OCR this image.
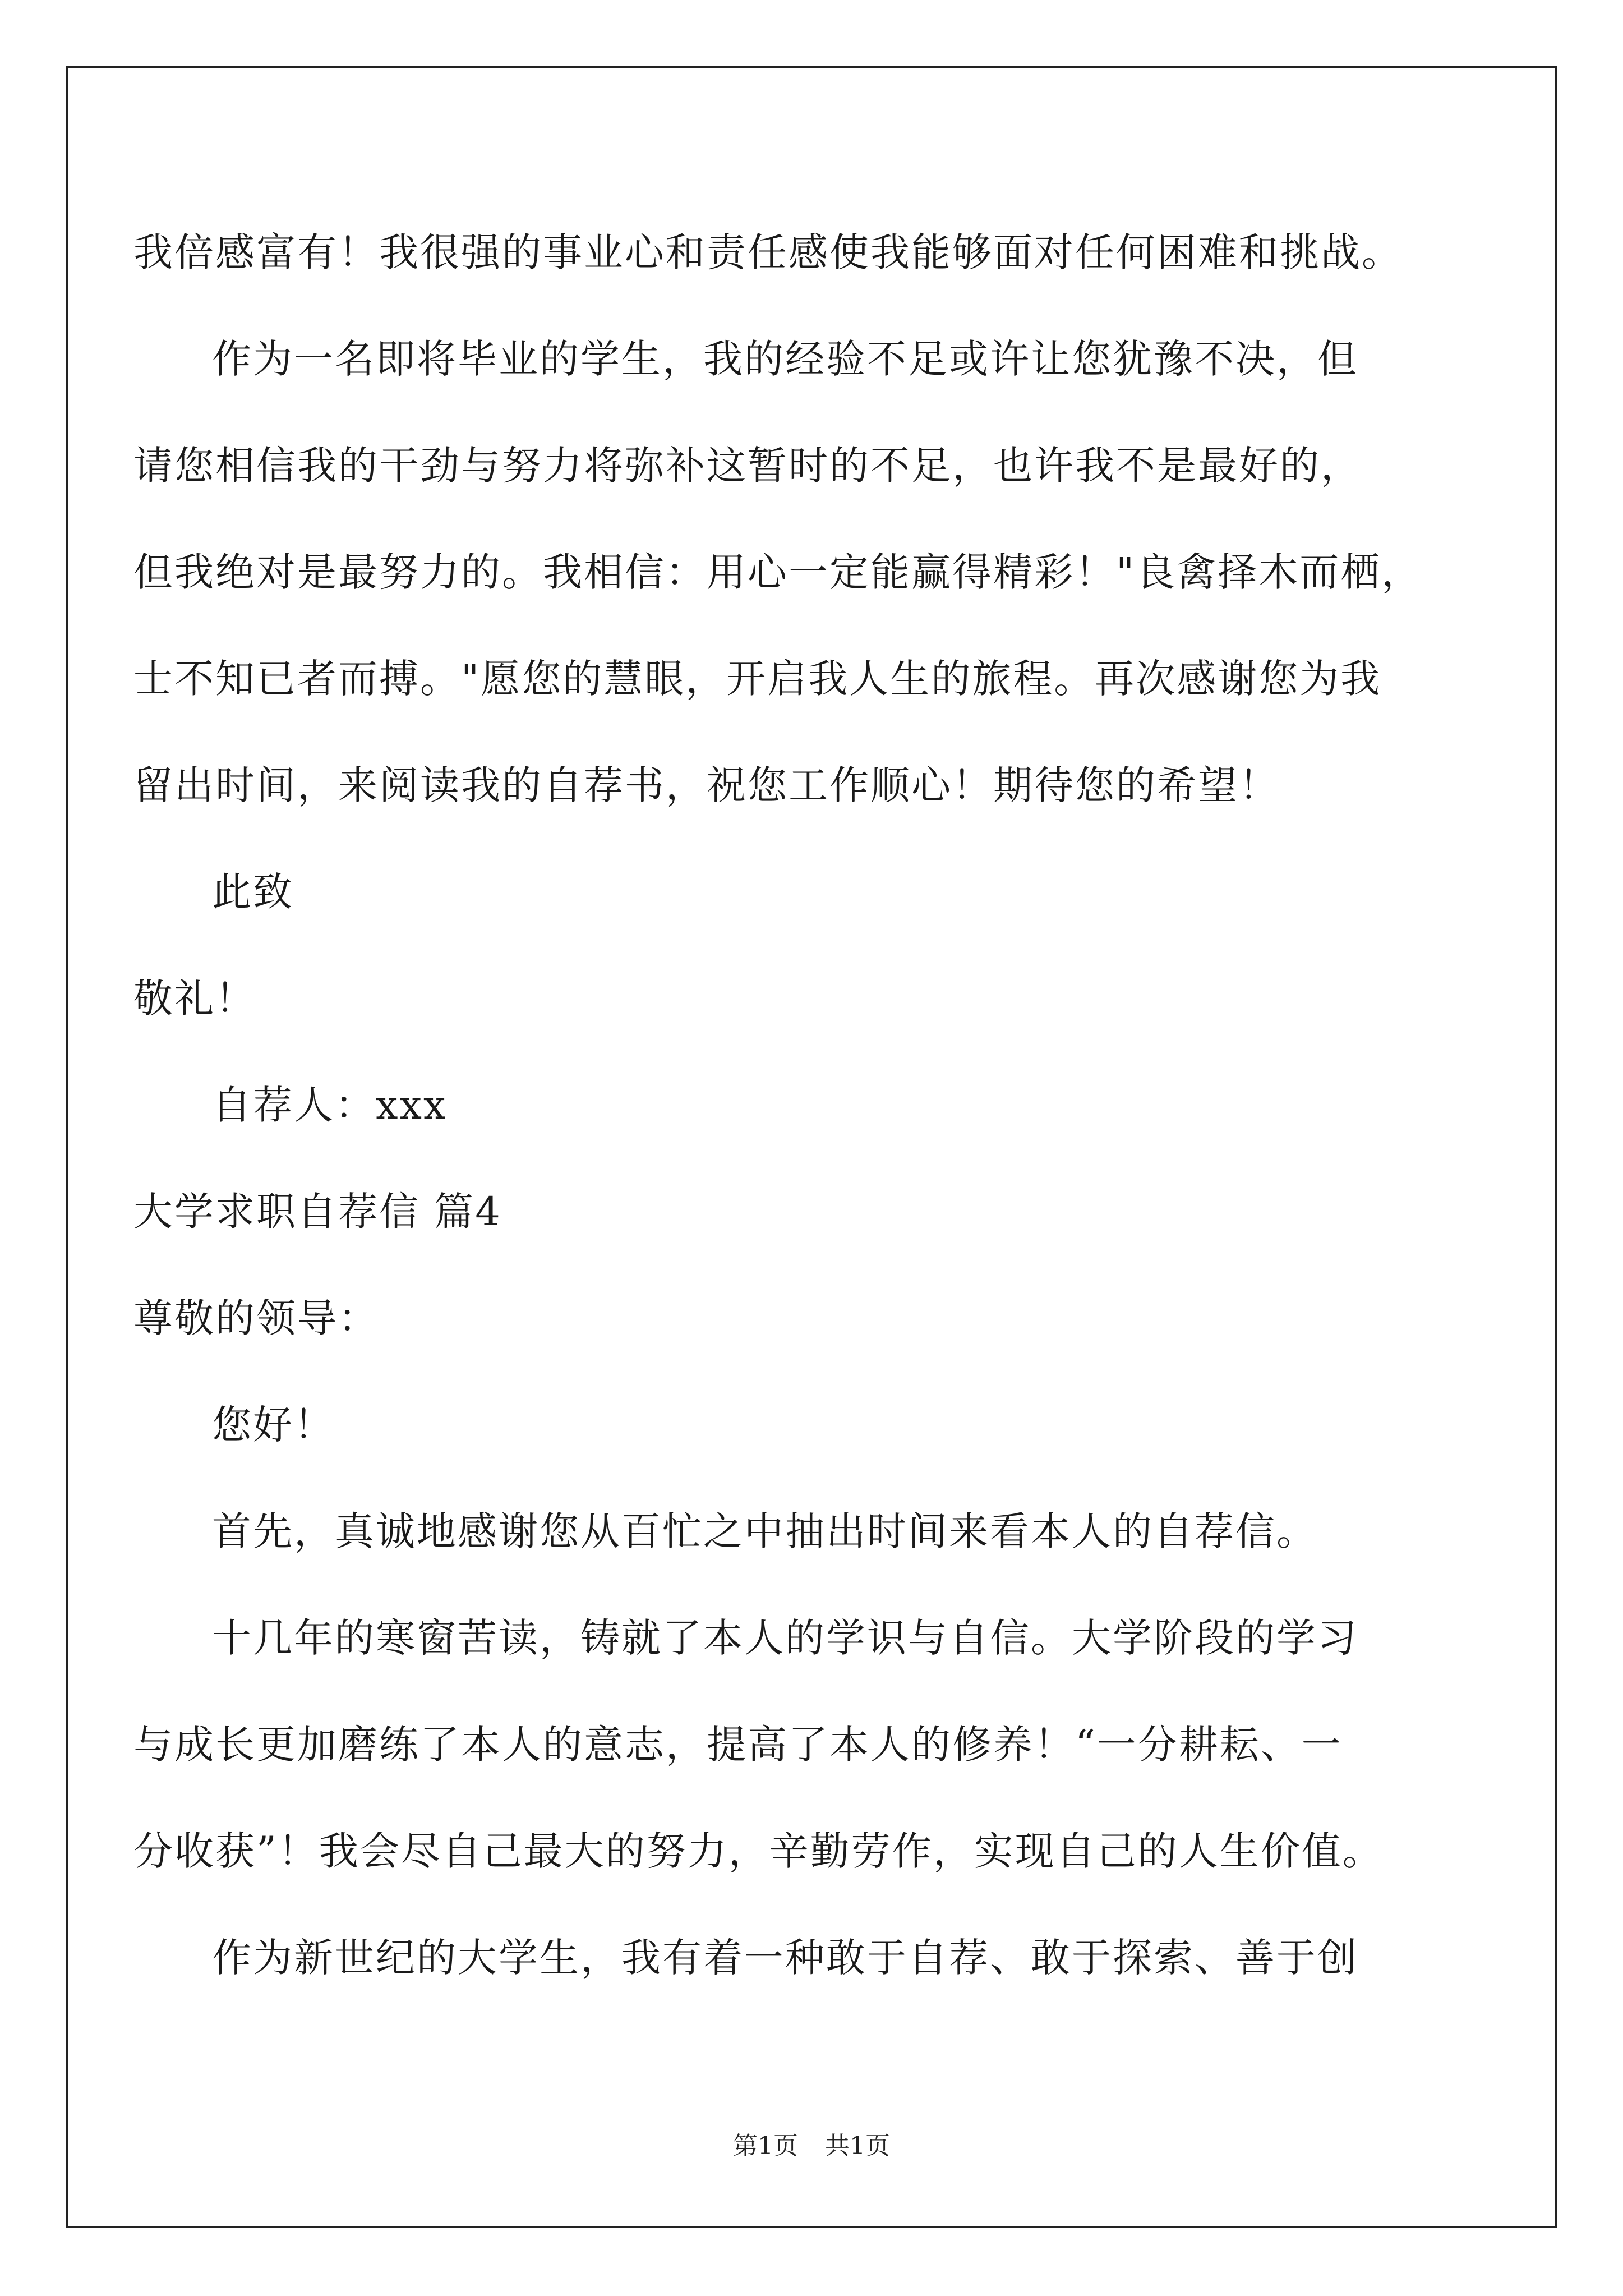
我倍感富有！我很强的事业心和责任感使我能够面对任何困难和挑战。
作为一名即将毕业的学生，我的经验不足或许让您犹豫不决，但
请您相信我的干劲与努力将弥补这暂时的不足，也许我不是最好的，
但我绝对是最努力的。我相信：用心一定能赢得精彩！"良禽择木而栖，
士不知已者而搏。"愿您的慧眼，开启我人生的旅程。再次感谢您为我
留出时间，来阅读我的自荐书，祝您工作顺心！期待您的希望！
此致
敬礼！
自荐人：xxx
大学求职自荐信 篇4
尊敬的领导：
您好！
首先，真诚地感谢您从百忙之中抽出时间来看本人的自荐信。
十几年的寒窗苦读，铸就了本人的学识与自信。大学阶段的学习
与成长更加磨练了本人的意志，提高了本人的修养！“一分耕耘、一
分收获”！我会尽自己最大的努力，辛勤劳作，实现自己的人生价值。
作为新世纪的大学生，我有着一种敢于自荐、敢于探索、善于创
第1页 共1页
